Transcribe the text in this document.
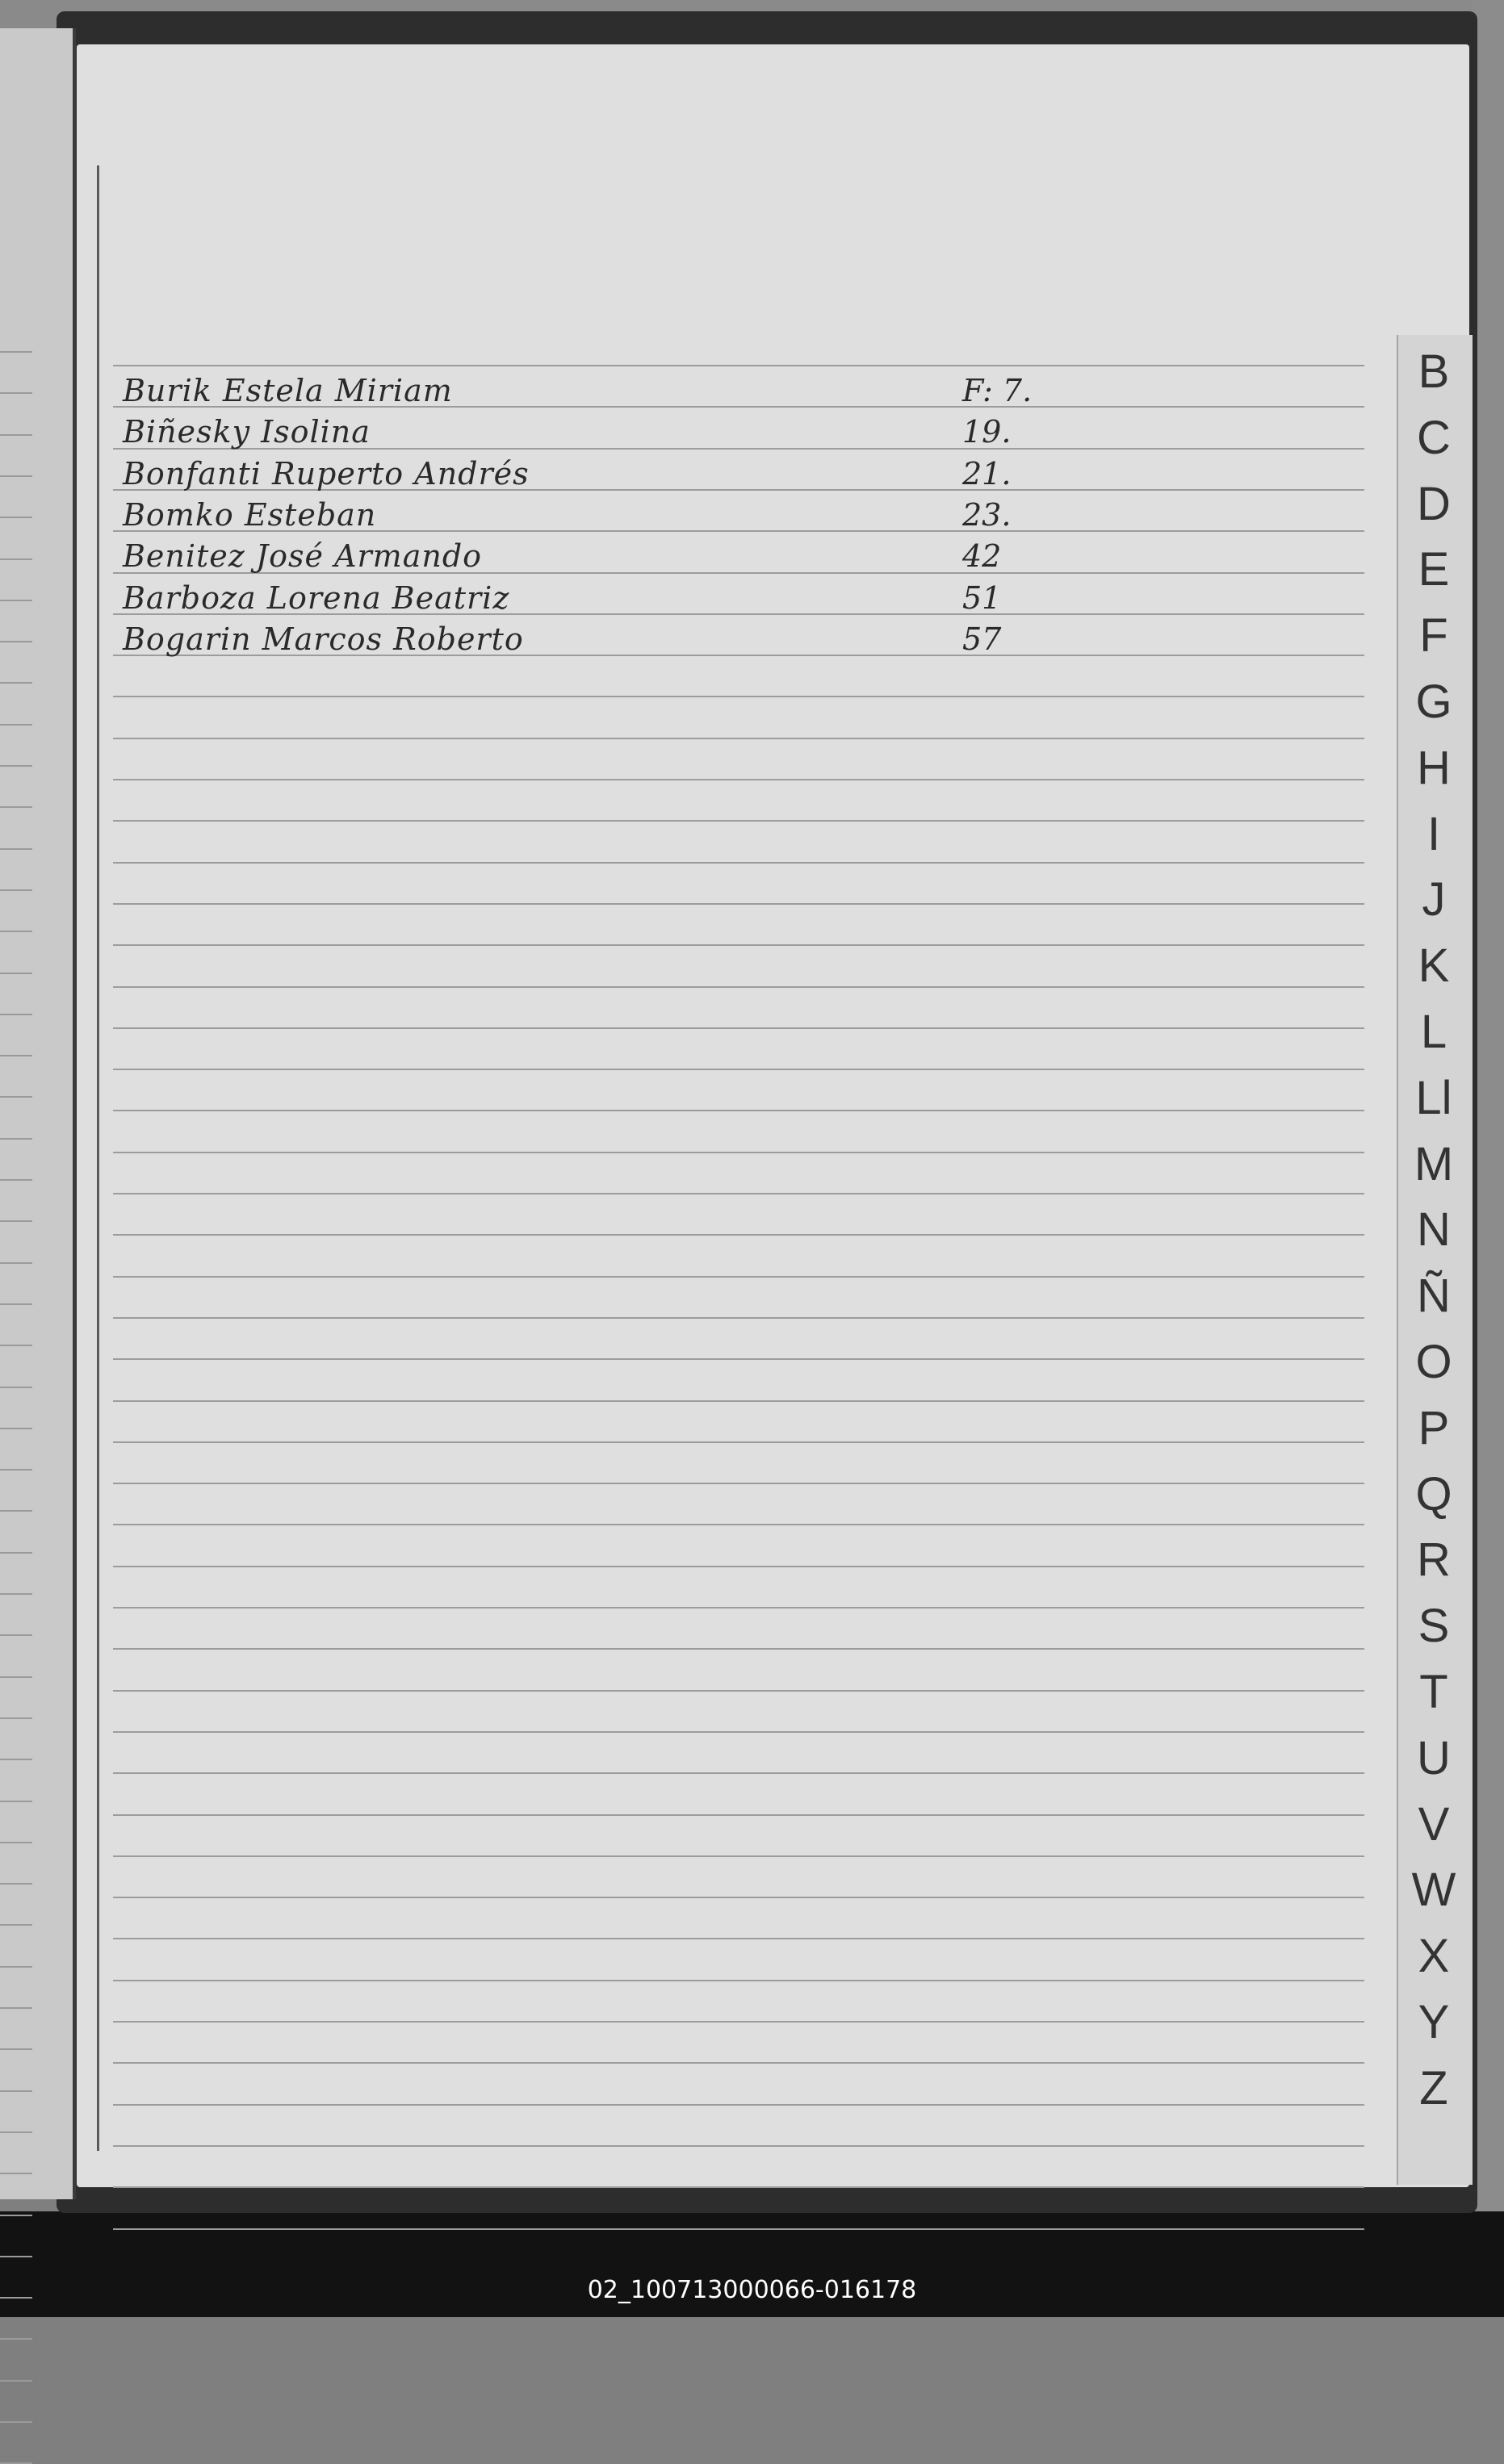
Burik Estela Miriam	F: 7.
Biñesky Isolina	19.
Bonfanti Ruperto Andrés	21.
Bomko Esteban	23.
Benitez José Armando	42
Barboza Lorena Beatriz	51
Bogarin Marcos Roberto	57
B
C
D
E
F
G
H
I
J
K
L
Ll
M
N
Ñ
O
P
Q
R
S
T
U
V
W
X
Y
Z
02_100713000066-016178
